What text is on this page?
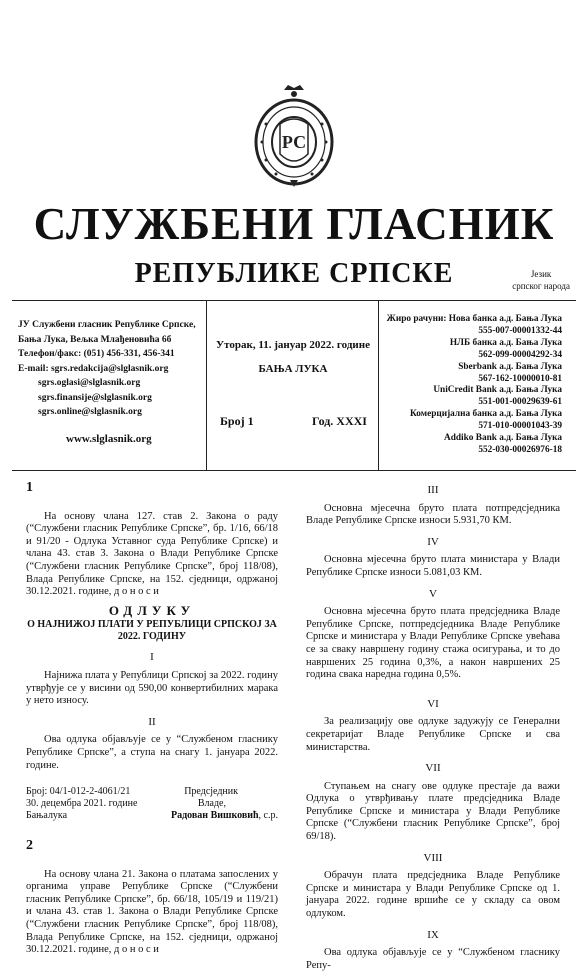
РС
СЛУЖБЕНИ ГЛАСНИК
РЕПУБЛИКЕ СРПСКЕ	Језик
српског народа
ЈУ Службени гласник Републике Српске,
Бања Лука, Вељка Млађеновића 6б
Телефон/факс: (051) 456-331, 456-341
E-mail: sgrs.redakcija@slglasnik.org
sgrs.oglasi@slglasnik.org
sgrs.finansije@slglasnik.org
sgrs.online@slglasnik.org
www.slglasnik.org
Уторак, 11. јануар 2022. године
БАЊА ЛУКА
Број 1	Год. XXXI
Жиро рачуни: Нова банка а.д. Бања Лука
555-007-00001332-44
НЛБ банка а.д. Бања Лука
562-099-00004292-34
Sberbank а.д. Бања Лука
567-162-10000010-81
UniCredit Bank а.д. Бања Лука
551-001-00029639-61
Комерцијална банка а.д. Бања Лука
571-010-00001043-39
Addiko Bank а.д. Бања Лука
552-030-00026976-18

1

На основу члана 127. став 2. Закона о раду (“Службени гласник Републике Српске”, бр. 1/16, 66/18 и 91/20 - Одлука Уставног суда Републике Српске) и члана 43. став 3. Закона о Влади Републике Српске (“Службени гласник Републике Српске”, број 118/08), Влада Републике Српске, на 152. сједници, одржаној 30.12.2021. године, д о н о с и

ОДЛУКУ

О НАЈНИЖОЈ ПЛАТИ У РЕПУБЛИЦИ СРПСКОЈ ЗА 2022. ГОДИНУ

I

Најнижа плата у Републици Српској за 2022. годину утврђује се у висини од 590,00 конвертибилних марака у нето износу.

II

Ова одлука објављује се у “Службеном гласнику Републике Српске”, а ступа на снагу 1. јануара 2022. године.

Број: 04/1-012-2-4061/21	Предсједник
30. децембра 2021. године	Владе,
Бањалука	Радован Вишковић, с.р.

2

На основу члана 21. Закона о платама запослених у органима управе Републике Српске (“Службени гласник Републике Српске”, бр. 66/18, 105/19 и 119/21) и члана 43. став 1. Закона о Влади Републике Српске (“Службени гласник Републике Српске”, број 118/08), Влада Републике Српске, на 152. сједници, одржаној 30.12.2021. године, д о н о с и

III

Основна мјесечна бруто плата потпредсједника Владе Републике Српске износи 5.931,70 КМ.

IV

Основна мјесечна бруто плата министара у Влади Републике Српске износи 5.081,03 КМ.

V

Основна мјесечна бруто плата предсједника Владе Републике Српске, потпредсједника Владе Републике Српске и министара у Влади Републике Српске увећава се за сваку навршену годину стажа осигурања, и то до навршених 25 година 0,3%, а након навршених 25 година свака наредна година 0,5%.

VI

За реализацију ове одлуке задужују се Генерални секретаријат Владе Републике Српске и сва министарства.

VII

Ступањем на снагу ове одлуке престаје да важи Одлука о утврђивању плате предсједника Владе Републике Српске и министара у Влади Републике Српске (“Службени гласник Републике Српске”, број 69/18).

VIII

Обрачун плата предсједника Владе Републике Српске и министара у Влади Републике Српске од 1. јануара 2022. године вршиће се у складу са овом одлуком.

IX

Ова одлука објављује се у “Службеном гласнику Репу-
